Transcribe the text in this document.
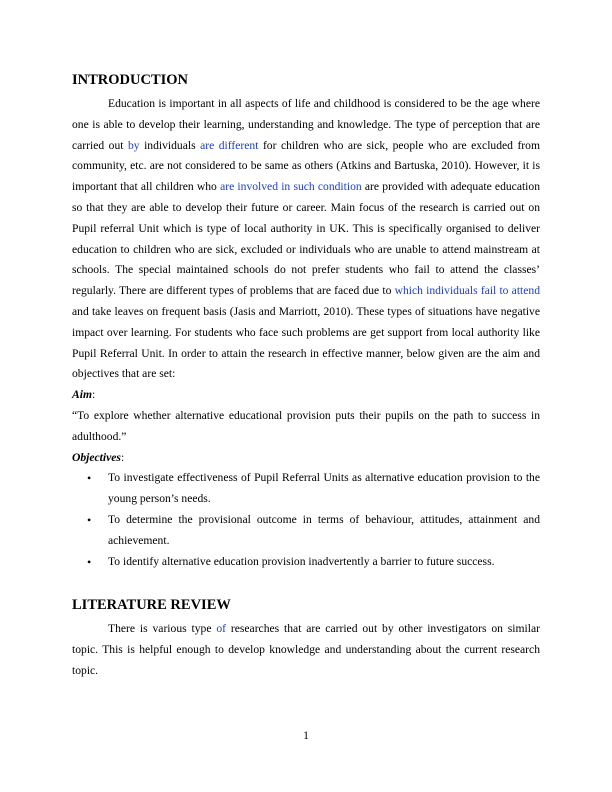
INTRODUCTION

Education is important in all aspects of life and childhood is considered to be the age where one is able to develop their learning, understanding and knowledge. The type of perception that are carried out by individuals are different for children who are sick, people who are excluded from community, etc. are not considered to be same as others (Atkins and Bartuska, 2010). However, it is important that all children who are involved in such condition are provided with adequate education so that they are able to develop their future or career. Main focus of the research is carried out on Pupil referral Unit which is type of local authority in UK. This is specifically organised to deliver education to children who are sick, excluded or individuals who are unable to attend mainstream at schools. The special maintained schools do not prefer students who fail to attend the classes’ regularly. There are different types of problems that are faced due to which individuals fail to attend and take leaves on frequent basis (Jasis and Marriott, 2010). These types of situations have negative impact over learning. For students who face such problems are get support from local authority like Pupil Referral Unit. In order to attain the research in effective manner, below given are the aim and objectives that are set:

Aim:

“To explore whether alternative educational provision puts their pupils on the path to success in adulthood.”

Objectives:

• To investigate effectiveness of Pupil Referral Units as alternative education provision to the young person’s needs.
• To determine the provisional outcome in terms of behaviour, attitudes, attainment and achievement.
• To identify alternative education provision inadvertently a barrier to future success.
LITERATURE REVIEW

There is various type of researches that are carried out by other investigators on similar topic. This is helpful enough to develop knowledge and understanding about the current research topic.

1
